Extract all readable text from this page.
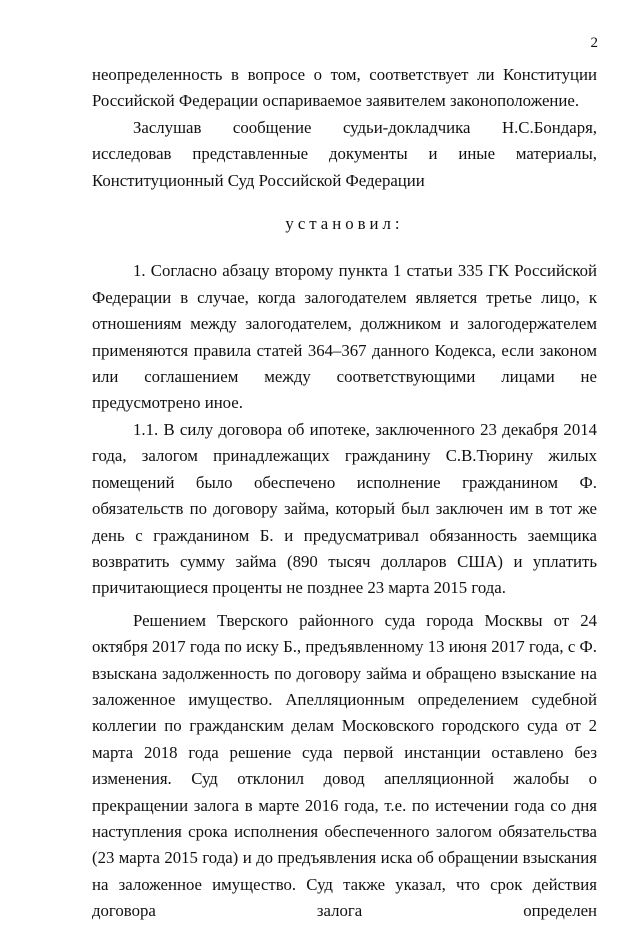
2

неопределенность в вопросе о том, соответствует ли Конституции Российской Федерации оспариваемое заявителем законоположение.

Заслушав сообщение судьи-докладчика Н.С.Бондаря, исследовав представленные документы и иные материалы, Конституционный Суд Российской Федерации

установил:

1. Согласно абзацу второму пункта 1 статьи 335 ГК Российской Федерации в случае, когда залогодателем является третье лицо, к отношениям между залогодателем, должником и залогодержателем применяются правила статей 364–367 данного Кодекса, если законом или соглашением между соответствующими лицами не предусмотрено иное.

1.1. В силу договора об ипотеке, заключенного 23 декабря 2014 года, залогом принадлежащих гражданину С.В.Тюрину жилых помещений было обеспечено исполнение гражданином Ф. обязательств по договору займа, который был заключен им в тот же день с гражданином Б. и предусматривал обязанность заемщика возвратить сумму займа (890 тысяч долларов США) и уплатить причитающиеся проценты не позднее 23 марта 2015 года.

Решением Тверского районного суда города Москвы от 24 октября 2017 года по иску Б., предъявленному 13 июня 2017 года, с Ф. взыскана задолженность по договору займа и обращено взыскание на заложенное имущество. Апелляционным определением судебной коллегии по гражданским делам Московского городского суда от 2 марта 2018 года решение суда первой инстанции оставлено без изменения. Суд отклонил довод апелляционной жалобы о прекращении залога в марте 2016 года, т.е. по истечении года со дня наступления срока исполнения обеспеченного залогом обязательства (23 марта 2015 года) и до предъявления иска об обращении взыскания на заложенное имущество. Суд также указал, что срок действия договора залога определен
